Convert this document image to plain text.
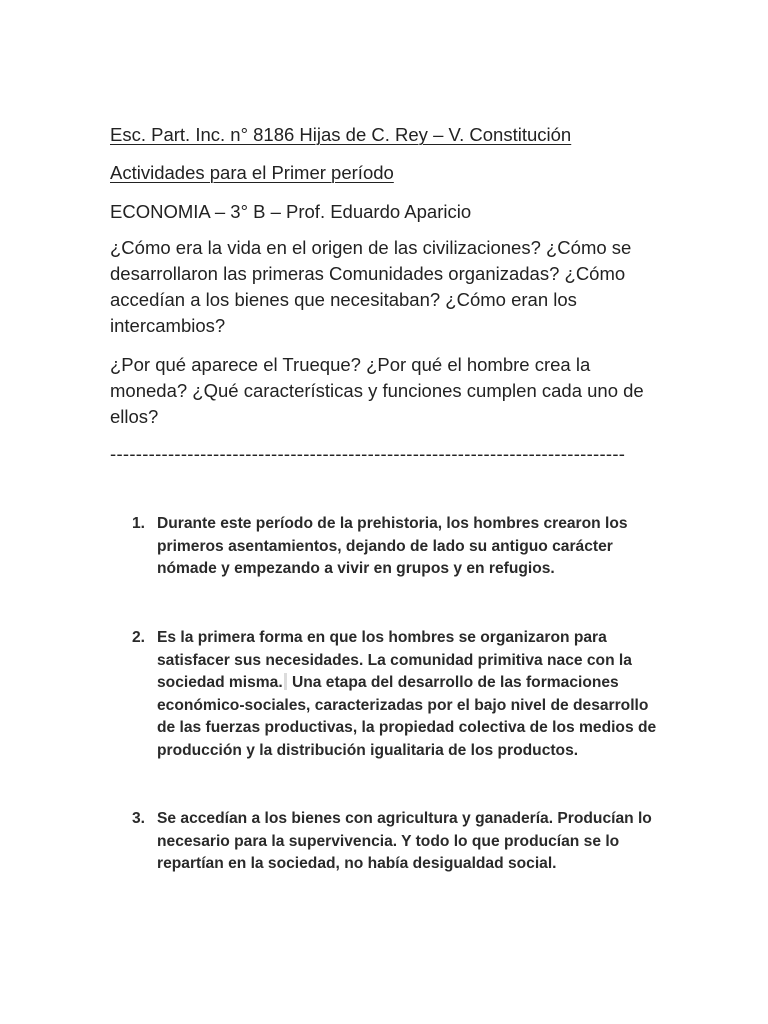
Esc. Part. Inc. n° 8186 Hijas de C. Rey – V. Constitución
Actividades para el Primer período
ECONOMIA – 3° B – Prof. Eduardo Aparicio

¿Cómo era la vida en el origen de las civilizaciones? ¿Cómo se desarrollaron las primeras Comunidades organizadas? ¿Cómo accedían a los bienes que necesitaban? ¿Cómo eran los intercambios?

¿Por qué aparece el Trueque? ¿Por qué el hombre crea la moneda? ¿Qué características y funciones cumplen cada uno de ellos?

--------------------------------------------------------------------------------
1. Durante este período de la prehistoria, los hombres crearon los primeros asentamientos, dejando de lado su antiguo carácter nómade y empezando a vivir en grupos y en refugios.
2. Es la primera forma en que los hombres se organizaron para satisfacer sus necesidades. La comunidad primitiva nace con la sociedad misma. Una etapa del desarrollo de las formaciones económico-sociales, caracterizadas por el bajo nivel de desarrollo de las fuerzas productivas, la propiedad colectiva de los medios de producción y la distribución igualitaria de los productos.
3. Se accedían a los bienes con agricultura y ganadería. Producían lo necesario para la supervivencia. Y todo lo que producían se lo repartían en la sociedad, no había desigualdad social.
